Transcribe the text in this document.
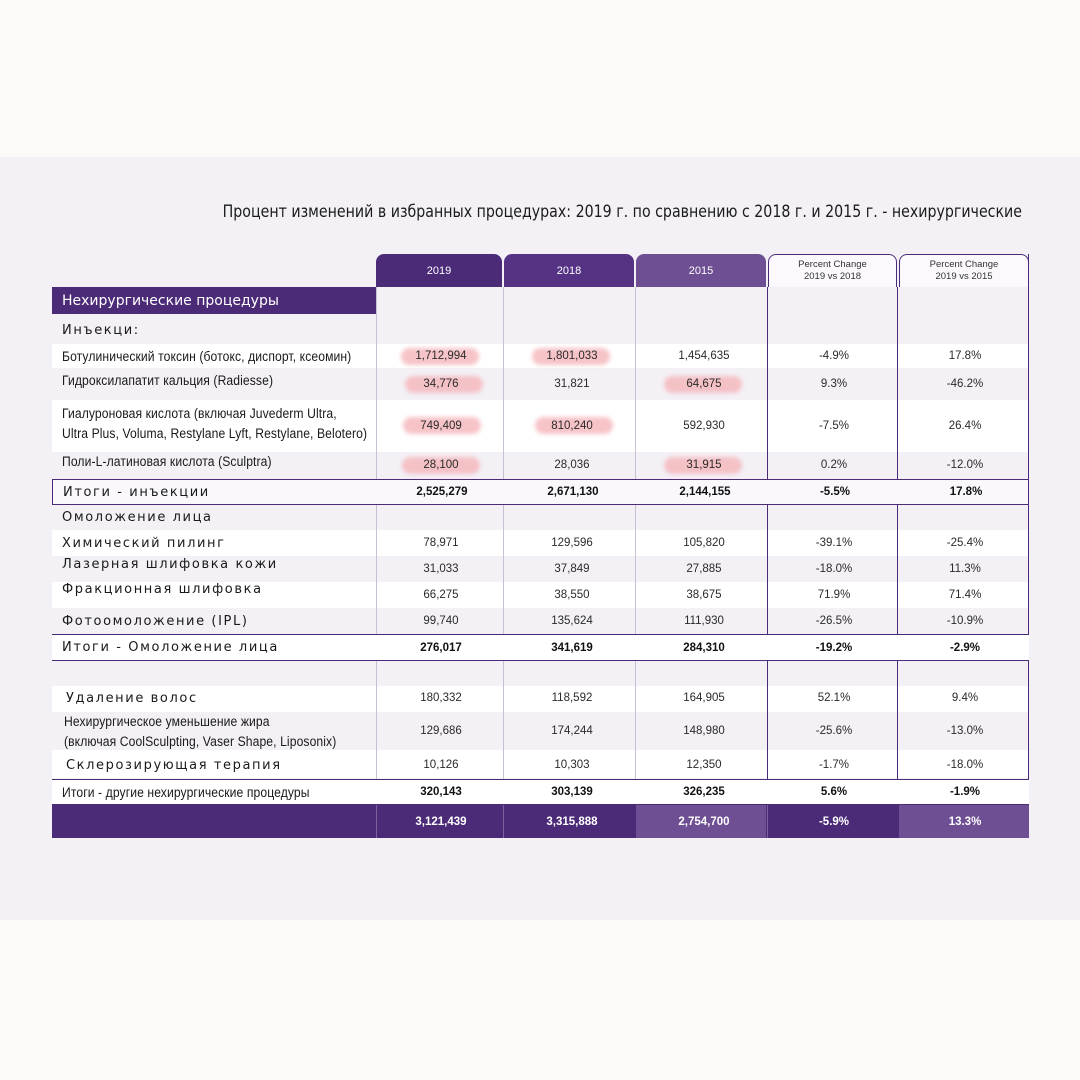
Процент изменений в избранных процедурах: 2019 г. по сравнению с 2018 г. и 2015 г. - нехирургические
2019	2018	2015	Percent Change
2019 vs 2018
Percent Change
2019 vs 2015
Нехирургические процедуры
Инъекци:
Ботулинический токсин (ботокс, диспорт, ксеомин)	1,712,994	1,801,033	1,454,635	-4.9%	17.8%
Гидроксилапатит кальция (Radiesse)	34,776	31,821	64,675	9.3%	-46.2%
Гиалуроновая кислота (включая Juvederm Ultra,
Ultra Plus, Voluma, Restylane Lyft, Restylane, Belotero)	749,409	810,240	592,930	-7.5%	26.4%
Поли-L-латиновая кислота (Sculptra)	28,100	28,036	31,915	0.2%	-12.0%
Итоги - инъекции	2,525,279	2,671,130	2,144,155	-5.5%	17.8%
Омоложение лица
Химический пилинг	78,971	129,596	105,820	-39.1%	-25.4%
Лазерная шлифовка кожи	31,033	37,849	27,885	-18.0%	11.3%
Фракционная шлифовка	66,275	38,550	38,675	71.9%	71.4%
Фотоомоложение (IPL)	99,740	135,624	111,930	-26.5%	-10.9%
Итоги - Омоложение лица	276,017	341,619	284,310	-19.2%	-2.9%
Удаление волос	180,332	118,592	164,905	52.1%	9.4%
Нехирургическое уменьшение жира
(включая CoolSculpting, Vaser Shape, Liposonix)
129,686	174,244	148,980	-25.6%	-13.0%
Склерозирующая терапия	10,126	10,303	12,350	-1.7%	-18.0%
Итоги - другие нехирургические процедуры	320,143	303,139	326,235	5.6%	-1.9%
3,121,439	3,315,888	2,754,700	-5.9%	13.3%
